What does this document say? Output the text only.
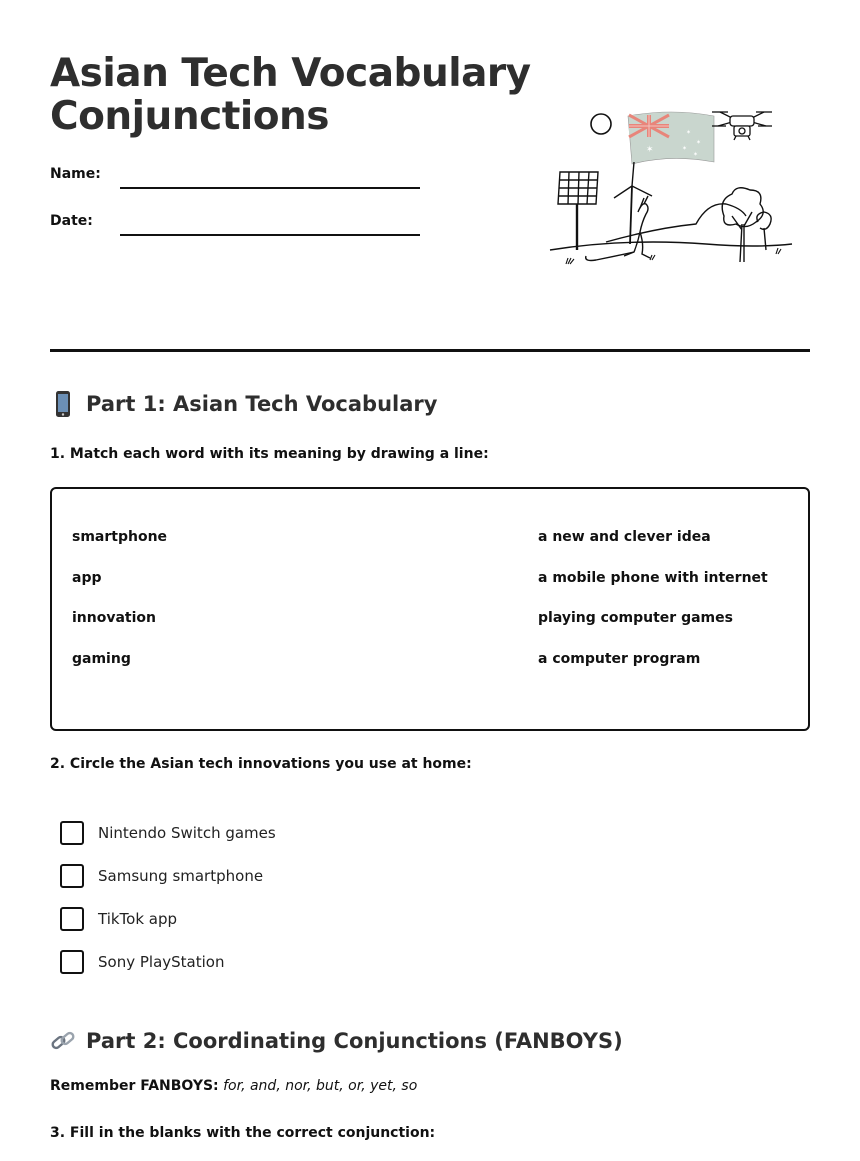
Asian Tech Vocabulary
Conjunctions
Name:
Date:
✶
✶
✶
✶
✶
Part 1: Asian Tech Vocabulary
1. Match each word with its meaning by drawing a line:
smartphone
app
innovation
gaming
a new and clever idea
a mobile phone with internet
playing computer games
a computer program
2. Circle the Asian tech innovations you use at home:
Nintendo Switch games
Samsung smartphone
TikTok app
Sony PlayStation
Part 2: Coordinating Conjunctions (FANBOYS)
Remember FANBOYS: for, and, nor, but, or, yet, so
3. Fill in the blanks with the correct conjunction:
